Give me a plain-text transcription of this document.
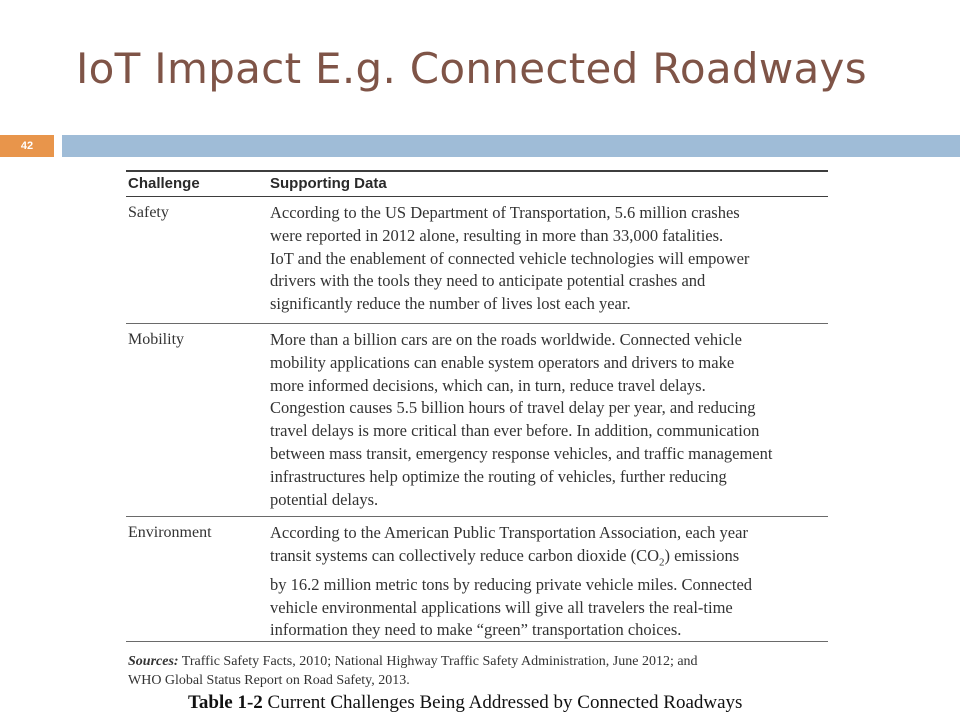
IoT Impact E.g. Connected Roadways
42
Challenge	Supporting Data
Safety	According to the US Department of Transportation, 5.6 million crashes
were reported in 2012 alone, resulting in more than 33,000 fatalities.
IoT and the enablement of connected vehicle technologies will empower
drivers with the tools they need to anticipate potential crashes and
significantly reduce the number of lives lost each year.
Mobility	More than a billion cars are on the roads worldwide. Connected vehicle
mobility applications can enable system operators and drivers to make
more informed decisions, which can, in turn, reduce travel delays.
Congestion causes 5.5 billion hours of travel delay per year, and reducing
travel delays is more critical than ever before. In addition, communication
between mass transit, emergency response vehicles, and traffic management
infrastructures help optimize the routing of vehicles, further reducing
potential delays.
Environment	According to the American Public Transportation Association, each year
transit systems can collectively reduce carbon dioxide $(CO_2)$ emissions
by 16.2 million metric tons by reducing private vehicle miles. Connected
vehicle environmental applications will give all travelers the real-time
information they need to make “green” transportation choices.
Sources: Traffic Safety Facts, 2010; National Highway Traffic Safety Administration, June 2012; and
WHO Global Status Report on Road Safety, 2013.
Table 1-2 Current Challenges Being Addressed by Connected Roadways
